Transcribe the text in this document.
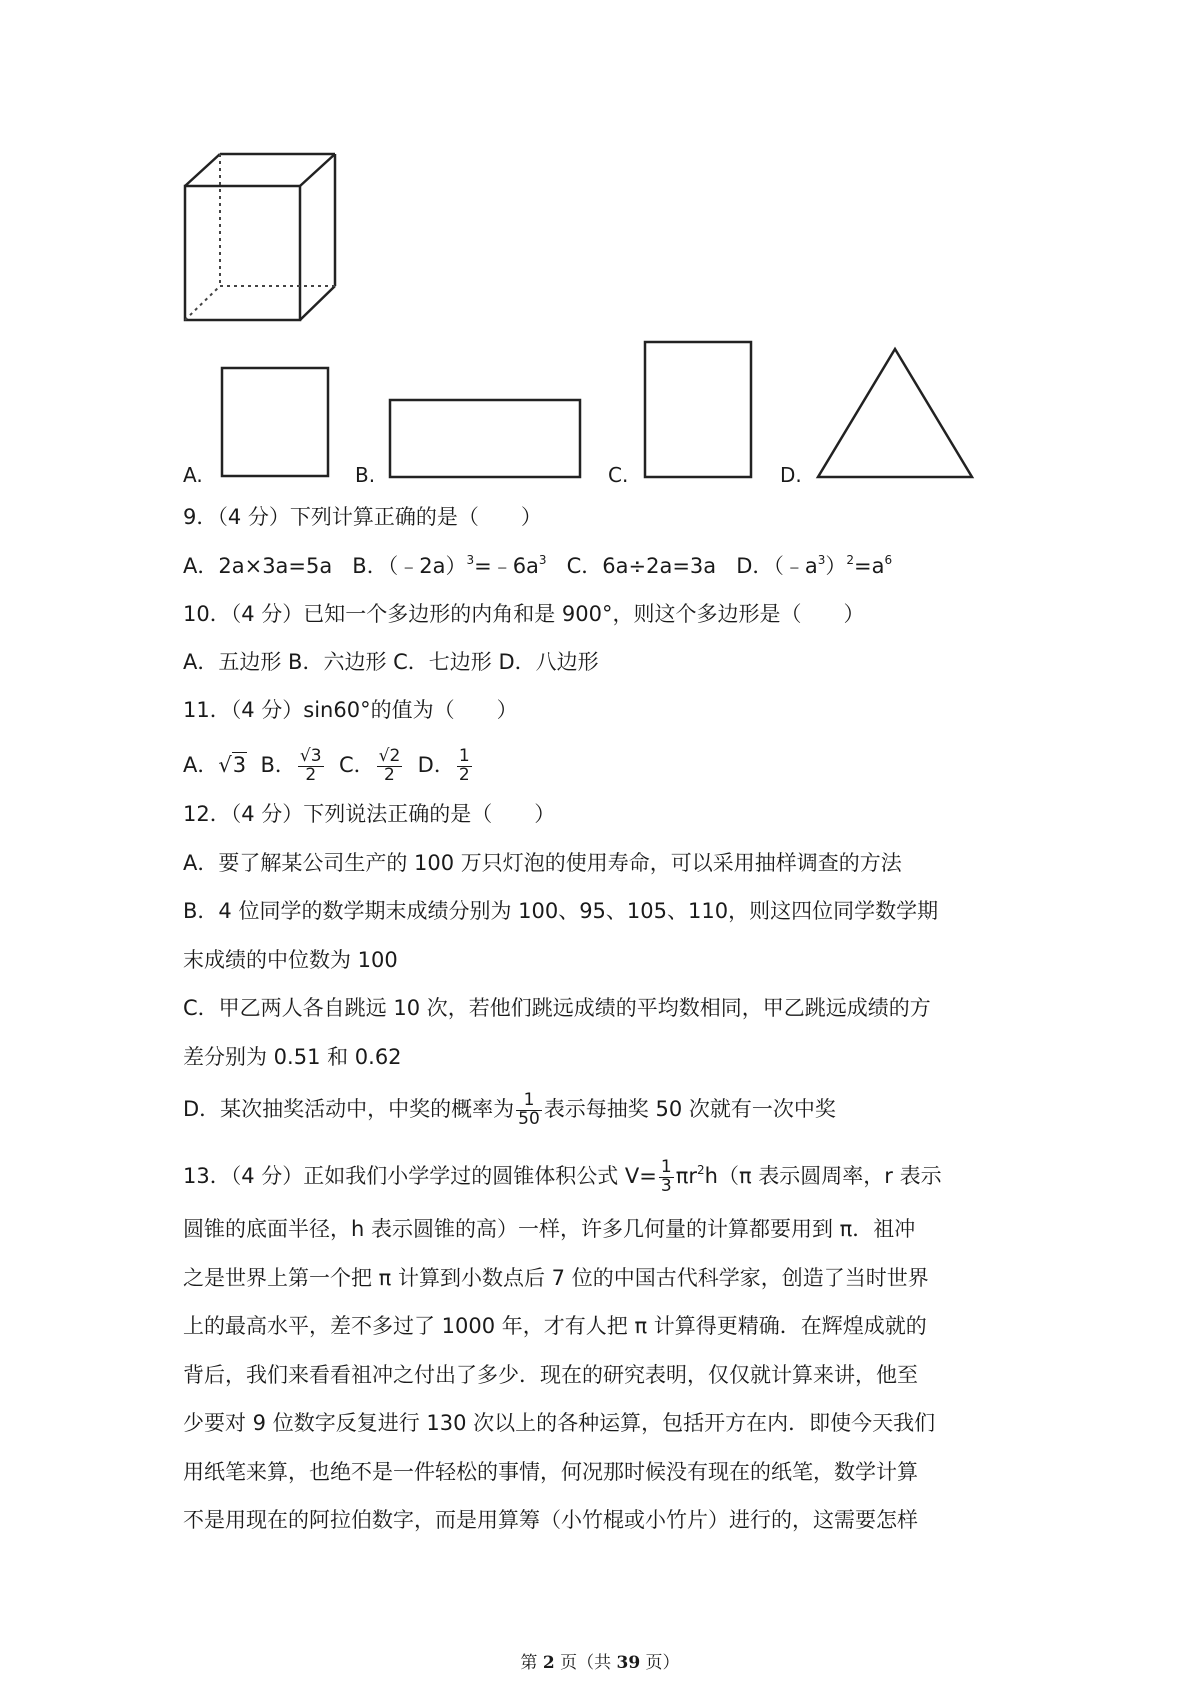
A.	B.	C.	D.
9．（4 分）下列计算正确的是（　　）
A．2a×3a=5a B．$(﹣2a)^3=﹣6a^3$ C．6a÷2a=3a D．$(﹣a^3)^2=a^6$
10．（4 分）已知一个多边形的内角和是 900°，则这个多边形是（　　）
A．五边形 B．六边形 C．七边形 D．八边形
11．（4 分）sin60°的值为（　　）
A．√3 B． $\frac{√3}{2}$ C． $\frac{√2}{2}$ D． $\frac{1}{2}$
12．（4 分）下列说法正确的是（　　）
A．要了解某公司生产的 100 万只灯泡的使用寿命，可以采用抽样调查的方法
B．4 位同学的数学期末成绩分别为 100、95、105、110，则这四位同学数学期
末成绩的中位数为 100
C．甲乙两人各自跳远 10 次，若他们跳远成绩的平均数相同，甲乙跳远成绩的方
差分别为 0.51 和 0.62
D．某次抽奖活动中，中奖的概率为 $\frac{1}{50}$ 表示每抽奖 50 次就有一次中奖
13．（4 分）正如我们小学学过的圆锥体积公式 $V= \frac{1}{3} \pi r^2h(\pi$ 表示圆周率，r 表示
圆锥的底面半径，h 表示圆锥的高）一样，许多几何量的计算都要用到 π．祖冲
之是世界上第一个把 π 计算到小数点后 7 位的中国古代科学家，创造了当时世界
上的最高水平，差不多过了 1000 年，才有人把 π 计算得更精确．在辉煌成就的
背后，我们来看看祖冲之付出了多少．现在的研究表明，仅仅就计算来讲，他至
少要对 9 位数字反复进行 130 次以上的各种运算，包括开方在内．即使今天我们
用纸笔来算，也绝不是一件轻松的事情，何况那时候没有现在的纸笔，数学计算
不是用现在的阿拉伯数字，而是用算筹（小竹棍或小竹片）进行的，这需要怎样
第 2 页（共 39 页）
